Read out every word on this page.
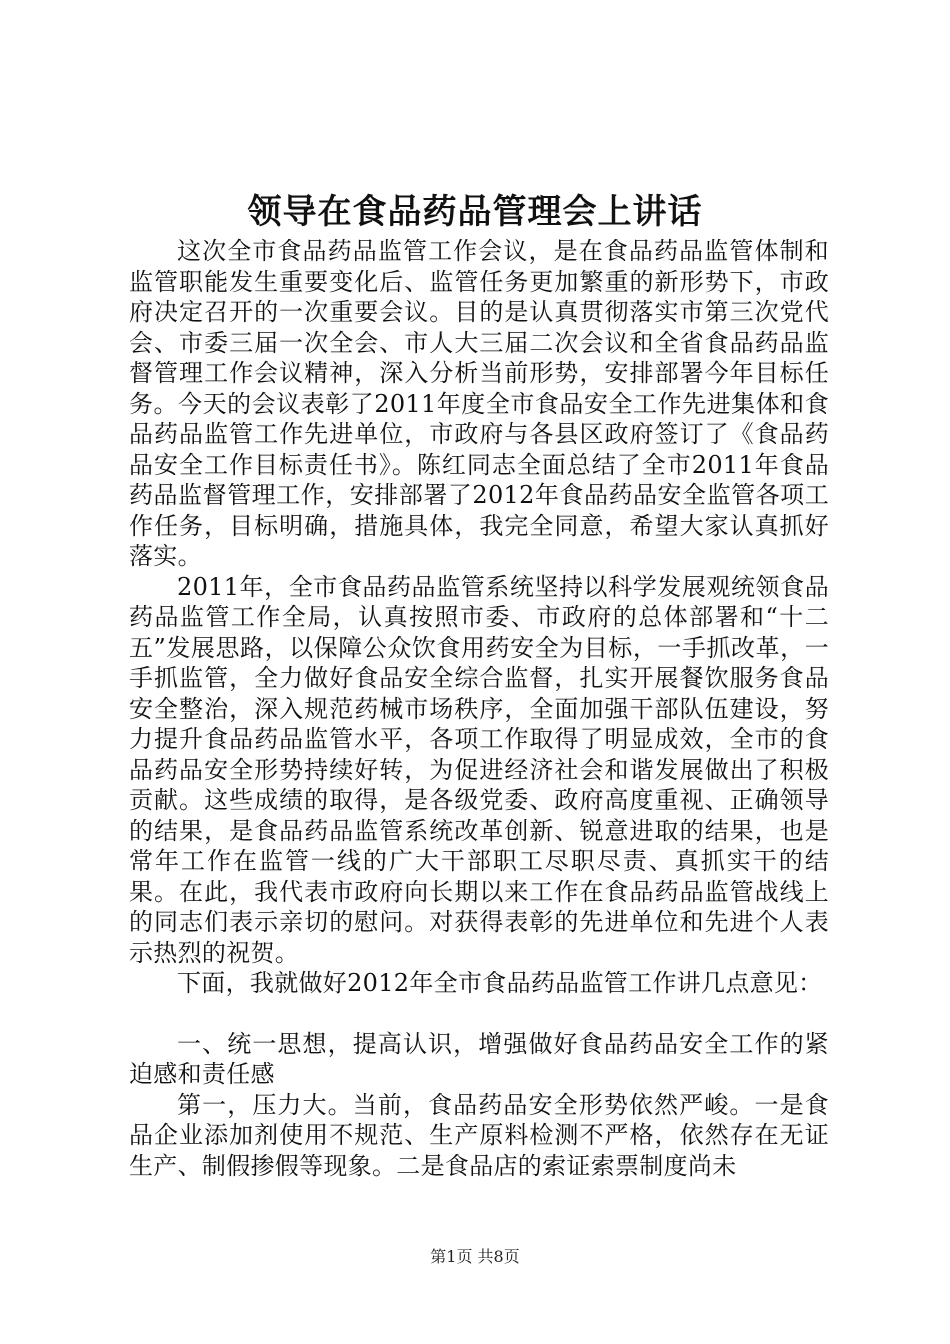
领导在食品药品管理会上讲话

这次全市食品药品监管工作会议，是在食品药品监管体制和监管职能发生重要变化后、监管任务更加繁重的新形势下，市政府决定召开的一次重要会议。目的是认真贯彻落实市第三次党代会、市委三届一次全会、市人大三届二次会议和全省食品药品监督管理工作会议精神，深入分析当前形势，安排部署今年目标任务。今天的会议表彰了2011年度全市食品安全工作先进集体和食品药品监管工作先进单位，市政府与各县区政府签订了《食品药品安全工作目标责任书》。陈红同志全面总结了全市2011年食品药品监督管理工作，安排部署了2012年食品药品安全监管各项工作任务，目标明确，措施具体，我完全同意，希望大家认真抓好落实。

2011年，全市食品药品监管系统坚持以科学发展观统领食品药品监管工作全局，认真按照市委、市政府的总体部署和“十二五”发展思路，以保障公众饮食用药安全为目标，一手抓改革，一手抓监管，全力做好食品安全综合监督，扎实开展餐饮服务食品安全整治，深入规范药械市场秩序，全面加强干部队伍建设，努力提升食品药品监管水平，各项工作取得了明显成效，全市的食品药品安全形势持续好转，为促进经济社会和谐发展做出了积极贡献。这些成绩的取得，是各级党委、政府高度重视、正确领导的结果，是食品药品监管系统改革创新、锐意进取的结果，也是常年工作在监管一线的广大干部职工尽职尽责、真抓实干的结果。在此，我代表市政府向长期以来工作在食品药品监管战线上的同志们表示亲切的慰问。对获得表彰的先进单位和先进个人表示热烈的祝贺。

下面，我就做好2012年全市食品药品监管工作讲几点意见：

一、统一思想，提高认识，增强做好食品药品安全工作的紧迫感和责任感

第一，压力大。当前，食品药品安全形势依然严峻。一是食品企业添加剂使用不规范、生产原料检测不严格，依然存在无证生产、制假掺假等现象。二是食品店的索证索票制度尚未

第1页 共8页
